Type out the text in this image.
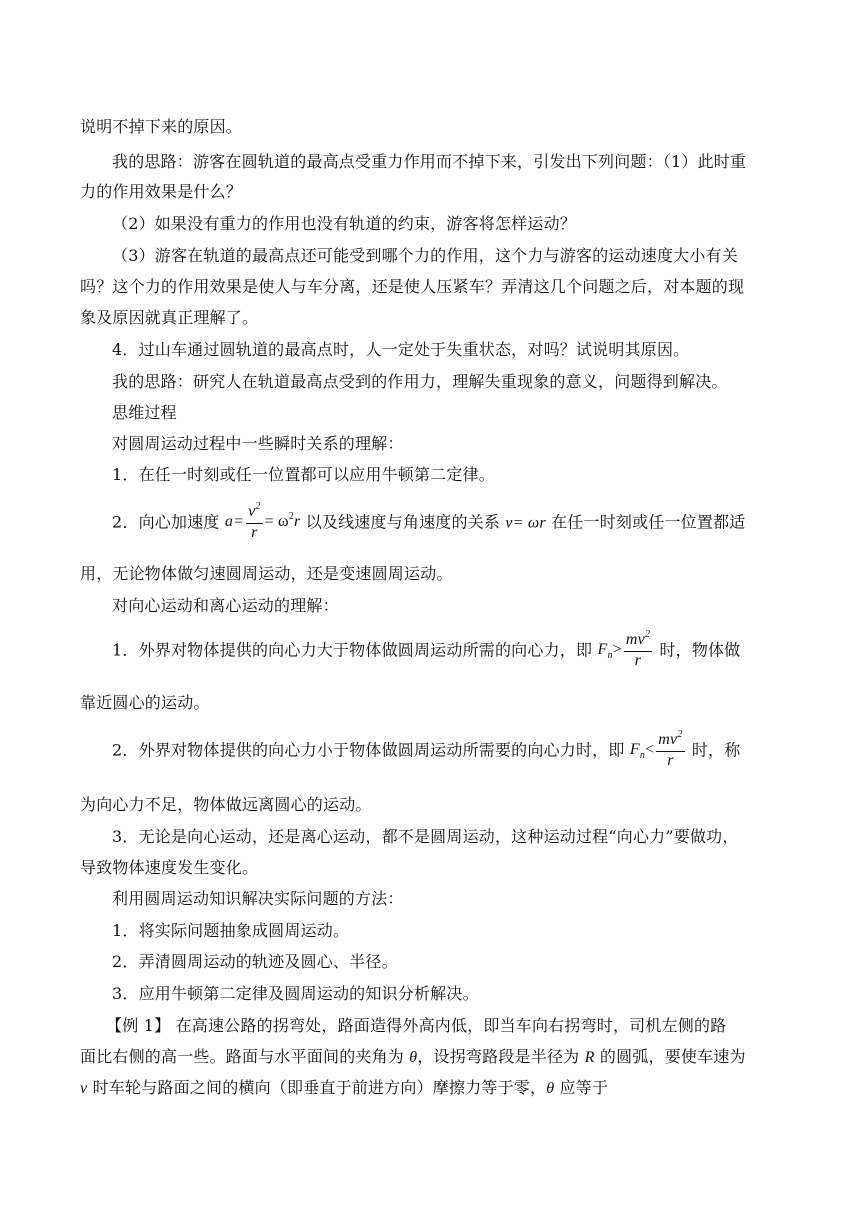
说明不掉下来的原因。
我的思路：游客在圆轨道的最高点受重力作用而不掉下来，引发出下列问题：（1）此时重
力的作用效果是什么？
（2）如果没有重力的作用也没有轨道的约束，游客将怎样运动？
（3）游客在轨道的最高点还可能受到哪个力的作用，这个力与游客的运动速度大小有关
吗？这个力的作用效果是使人与车分离，还是使人压紧车？弄清这几个问题之后，对本题的现
象及原因就真正理解了。
4．过山车通过圆轨道的最高点时，人一定处于失重状态，对吗？试说明其原因。
我的思路：研究人在轨道最高点受到的作用力，理解失重现象的意义，问题得到解决。
思维过程
对圆周运动过程中一些瞬时关系的理解：
1．在任一时刻或任一位置都可以应用牛顿第二定律。
2．向心加速度 $a= \frac{v^2}{r} = \omega^2r$ 以及线速度与角速度的关系 v= ωr 在任一时刻或任一位置都适
用，无论物体做匀速圆周运动，还是变速圆周运动。
对向心运动和离心运动的理解：
1．外界对物体提供的向心力大于物体做圆周运动所需的向心力，即 $F_n> \frac{mv^2}{r}$ 时，物体做
靠近圆心的运动。
2．外界对物体提供的向心力小于物体做圆周运动所需要的向心力时，即 $F_n< \frac{mv^2}{r}$ 时，称
为向心力不足，物体做远离圆心的运动。
3．无论是向心运动，还是离心运动，都不是圆周运动，这种运动过程“向心力”要做功，
导致物体速度发生变化。
利用圆周运动知识解决实际问题的方法：
1．将实际问题抽象成圆周运动。
2．弄清圆周运动的轨迹及圆心、半径。
3．应用牛顿第二定律及圆周运动的知识分析解决。
【例 1】 在高速公路的拐弯处，路面造得外高内低，即当车向右拐弯时，司机左侧的路
面比右侧的高一些。路面与水平面间的夹角为 θ，设拐弯路段是半径为 R 的圆弧，要使车速为
v 时车轮与路面之间的横向（即垂直于前进方向）摩擦力等于零，θ 应等于
